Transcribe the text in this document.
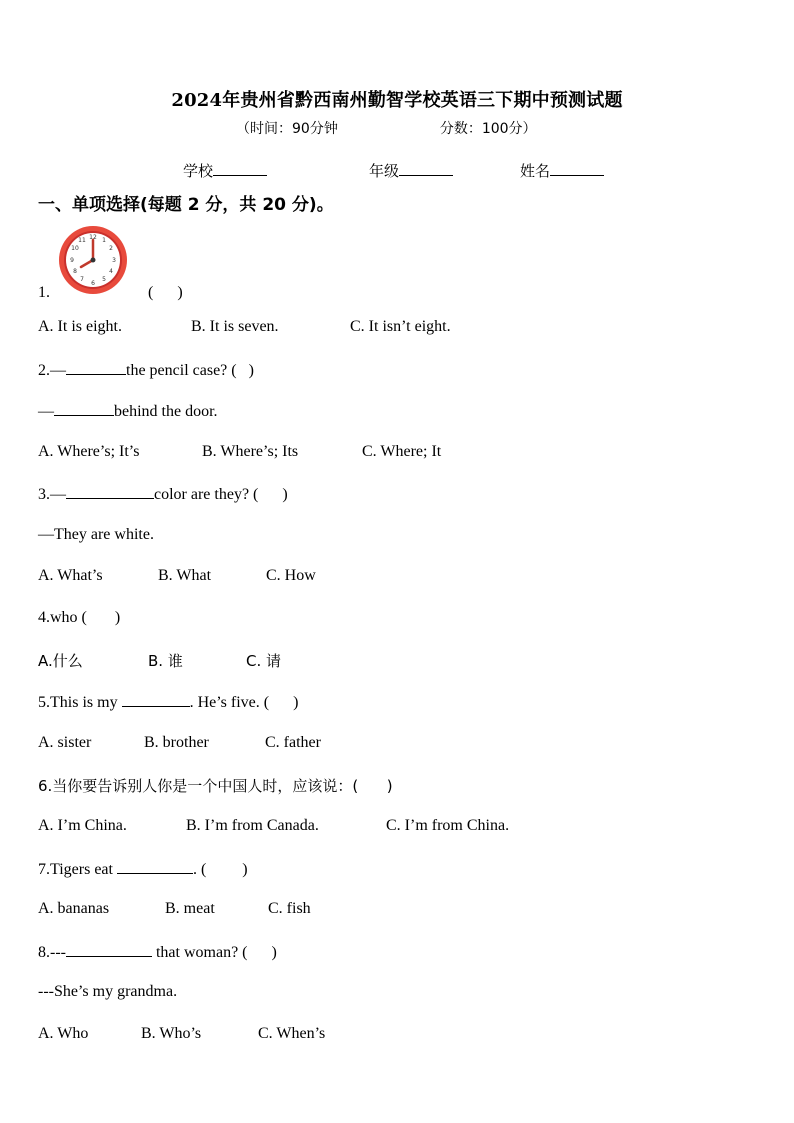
2024年贵州省黔西南州勤智学校英语三下期中预测试题
（时间：90分钟	分数：100分）
学校	年级	姓名
一、单项选择(每题 2 分，共 20 分)。
12 1
2
3
4
5
6
7
8
9
10
11
1.	(      )
A. It is eight.	B. It is seven.	C. It isn’t eight.
2.—	the pencil case? (   )
—	behind the door.
A. Where’s; It’s	B. Where’s; Its	C. Where; It
3.—	color are they? (      )
—They are white.
A. What’s	B. What	C. How
4.who (       )
A.什么	B. 谁	C. 请
5.This is my	. He’s five. (      )
A. sister	B. brother	C. father
6.当你要告诉别人你是一个中国人时，应该说：(      )
A. I’m China.	B. I’m from Canada.	C. I’m from China.
7.Tigers eat	. (         )
A. bananas	B. meat	C. fish
8.---	that woman? (      )
---She’s my grandma.
A. Who	B. Who’s	C. When’s
